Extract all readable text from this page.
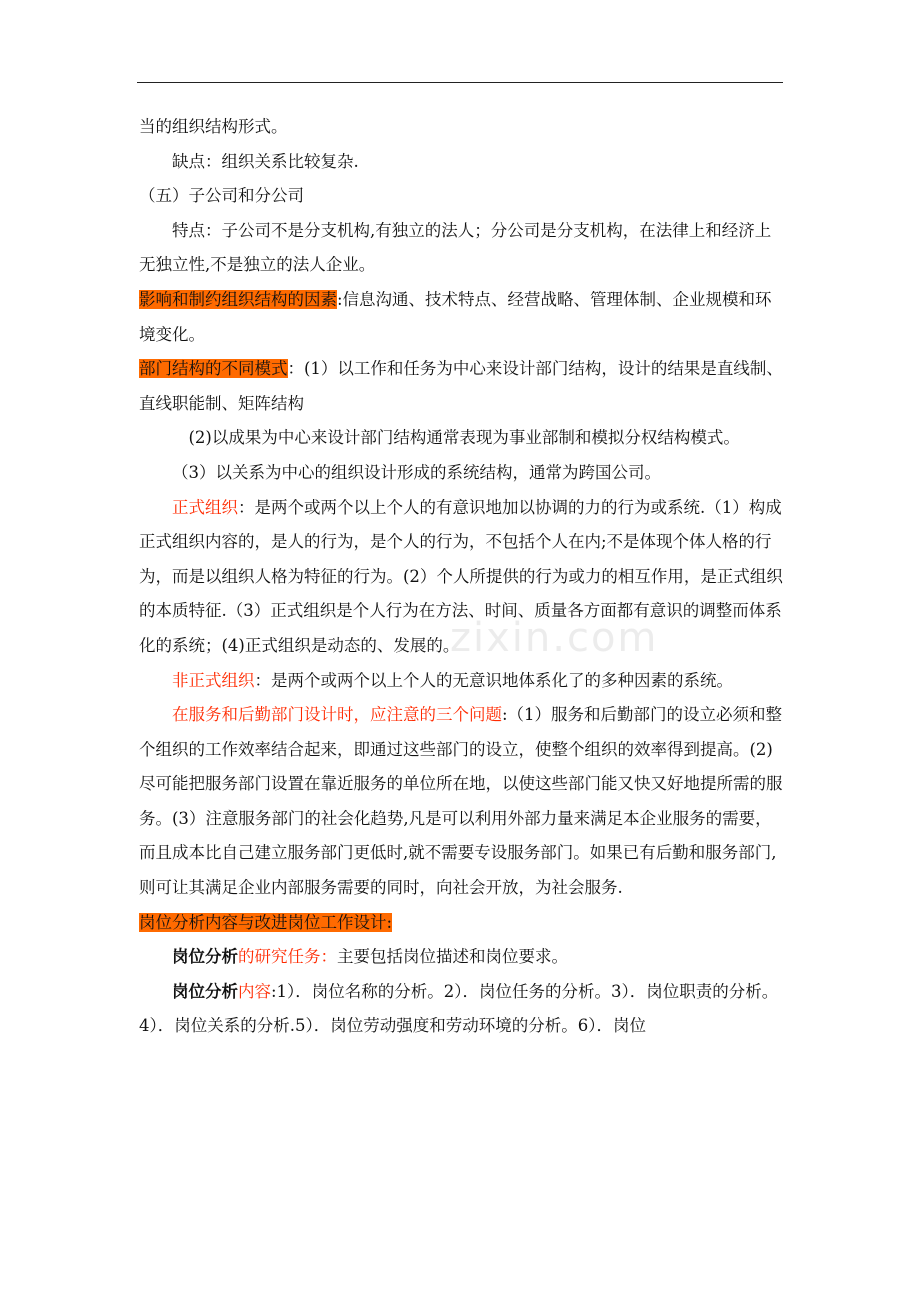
zixin.com

当的组织结构形式。

缺点：组织关系比较复杂.

（五）子公司和分公司

特点：子公司不是分支机构,有独立的法人；分公司是分支机构，在法律上和经济上无独立性,不是独立的法人企业。

影响和制约组织结构的因素:信息沟通、技术特点、经营战略、管理体制、企业规模和环境变化。

部门结构的不同模式：(1）以工作和任务为中心来设计部门结构，设计的结果是直线制、直线职能制、矩阵结构

(2)以成果为中心来设计部门结构通常表现为事业部制和模拟分权结构模式。

（3）以关系为中心的组织设计形成的系统结构，通常为跨国公司。

正式组织：是两个或两个以上个人的有意识地加以协调的力的行为或系统.（1）构成正式组织内容的，是人的行为，是个人的行为，不包括个人在内;不是体现个体人格的行为，而是以组织人格为特征的行为。(2）个人所提供的行为或力的相互作用，是正式组织的本质特征.（3）正式组织是个人行为在方法、时间、质量各方面都有意识的调整而体系化的系统；(4)正式组织是动态的、发展的。

非正式组织：是两个或两个以上个人的无意识地体系化了的多种因素的系统。

在服务和后勤部门设计时，应注意的三个问题:（1）服务和后勤部门的设立必须和整个组织的工作效率结合起来，即通过这些部门的设立，使整个组织的效率得到提高。(2)尽可能把服务部门设置在靠近服务的单位所在地，以使这些部门能又快又好地提所需的服务。(3）注意服务部门的社会化趋势,凡是可以利用外部力量来满足本企业服务的需要，而且成本比自己建立服务部门更低时,就不需要专设服务部门。如果已有后勤和服务部门,则可让其满足企业内部服务需要的同时，向社会开放，为社会服务.

岗位分析内容与改进岗位工作设计:

岗位分析的研究任务：主要包括岗位描述和岗位要求。

岗位分析内容:1）．岗位名称的分析。2）．岗位任务的分析。3）．岗位职责的分析。4）．岗位关系的分析.5）．岗位劳动强度和劳动环境的分析。6）．岗位
